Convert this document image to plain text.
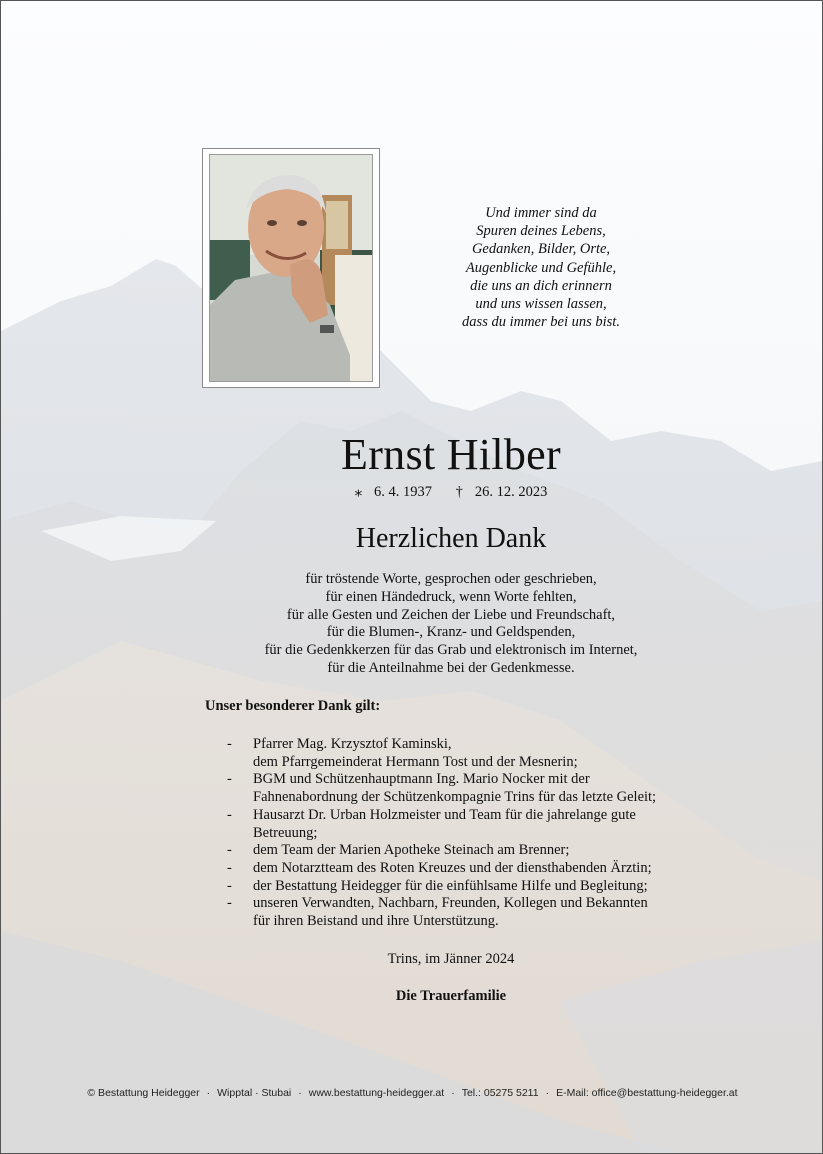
Und immer sind da
Spuren deines Lebens,
Gedanken, Bilder, Orte,
Augenblicke und Gefühle,
die uns an dich erinnern
und uns wissen lassen,
dass du immer bei uns bist.
Ernst Hilber
⁎ 6. 4. 1937 † 26. 12. 2023
Herzlichen Dank
für tröstende Worte, gesprochen oder geschrieben,
für einen Händedruck, wenn Worte fehlten,
für alle Gesten und Zeichen der Liebe und Freundschaft,
für die Blumen-, Kranz- und Geldspenden,
für die Gedenkkerzen für das Grab und elektronisch im Internet,
für die Anteilnahme bei der Gedenkmesse.
Unser besonderer Dank gilt:
- Pfarrer Mag. Krzysztof Kaminski,
dem Pfarrgemeinderat Hermann Tost und der Mesnerin;
- BGM und Schützenhauptmann Ing. Mario Nocker mit der
Fahnenabordnung der Schützenkompagnie Trins für das letzte Geleit;
- Hausarzt Dr. Urban Holzmeister und Team für die jahrelange gute
Betreuung;
- dem Team der Marien Apotheke Steinach am Brenner;
- dem Notarztteam des Roten Kreuzes und der diensthabenden Ärztin;
- der Bestattung Heidegger für die einfühlsame Hilfe und Begleitung;
- unseren Verwandten, Nachbarn, Freunden, Kollegen und Bekannten
für ihren Beistand und ihre Unterstützung.
Trins, im Jänner 2024
Die Trauerfamilie
© Bestattung Heidegger · Wipptal · Stubai · www.bestattung-heidegger.at · Tel.: 05275 5211 · E-Mail: office@bestattung-heidegger.at
